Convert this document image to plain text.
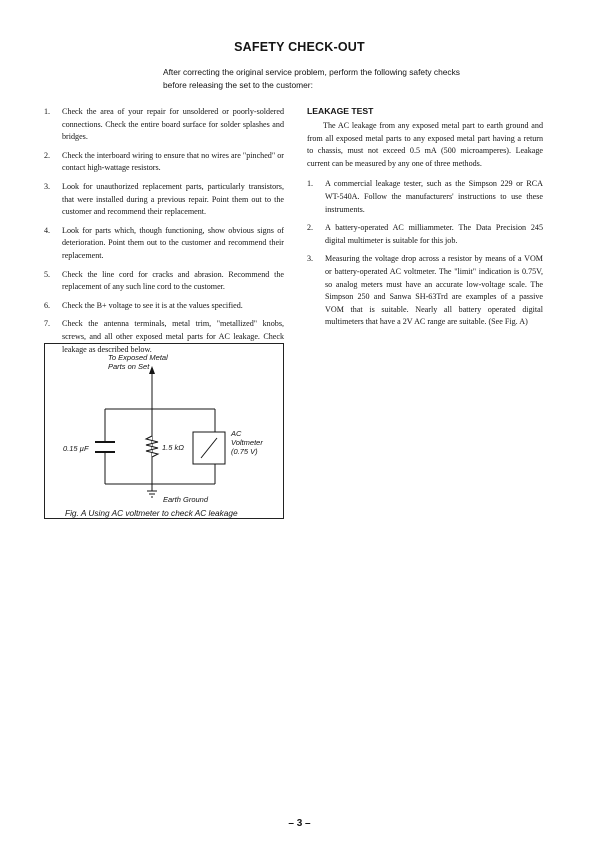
SAFETY CHECK-OUT
After correcting the original service problem, perform the following safety checks before releasing the set to the customer:
1.	Check the area of your repair for unsoldered or poorly-soldered connections. Check the entire board surface for solder splashes and bridges.
2.	Check the interboard wiring to ensure that no wires are "pinched" or contact high-wattage resistors.
3.	Look for unauthorized replacement parts, particularly transistors, that were installed during a previous repair. Point them out to the customer and recommend their replacement.
4.	Look for parts which, though functioning, show obvious signs of deterioration. Point them out to the customer and recommend their replacement.
5.	Check the line cord for cracks and abrasion. Recommend the replacement of any such line cord to the customer.
6.	Check the B+ voltage to see it is at the values specified.
7.	Check the antenna terminals, metal trim, "metallized" knobs, screws, and all other exposed metal parts for AC leakage. Check leakage as described below.
LEAKAGE TEST
The AC leakage from any exposed metal part to earth ground and from all exposed metal parts to any exposed metal part having a return to chassis, must not exceed 0.5 mA (500 microamperes). Leakage current can be measured by any one of three methods.
1.	A commercial leakage tester, such as the Simpson 229 or RCA WT-540A. Follow the manufacturers' instructions to use these instruments.
2.	A battery-operated AC milliammeter. The Data Precision 245 digital multimeter is suitable for this job.
3.	Measuring the voltage drop across a resistor by means of a VOM or battery-operated AC voltmeter. The "limit" indication is 0.75V, so analog meters must have an accurate low-voltage scale. The Simpson 250 and Sanwa SH-63Trd are examples of a passive VOM that is suitable. Nearly all battery operated digital multimeters that have a 2V AC range are suitable. (See Fig. A)
To Exposed Metal
Parts on Set
0.15 µF	1.5 kΩ
AC
Voltmeter
(0.75 V)
Earth Ground
Fig. A Using AC voltmeter to check AC leakage
– 3 –
